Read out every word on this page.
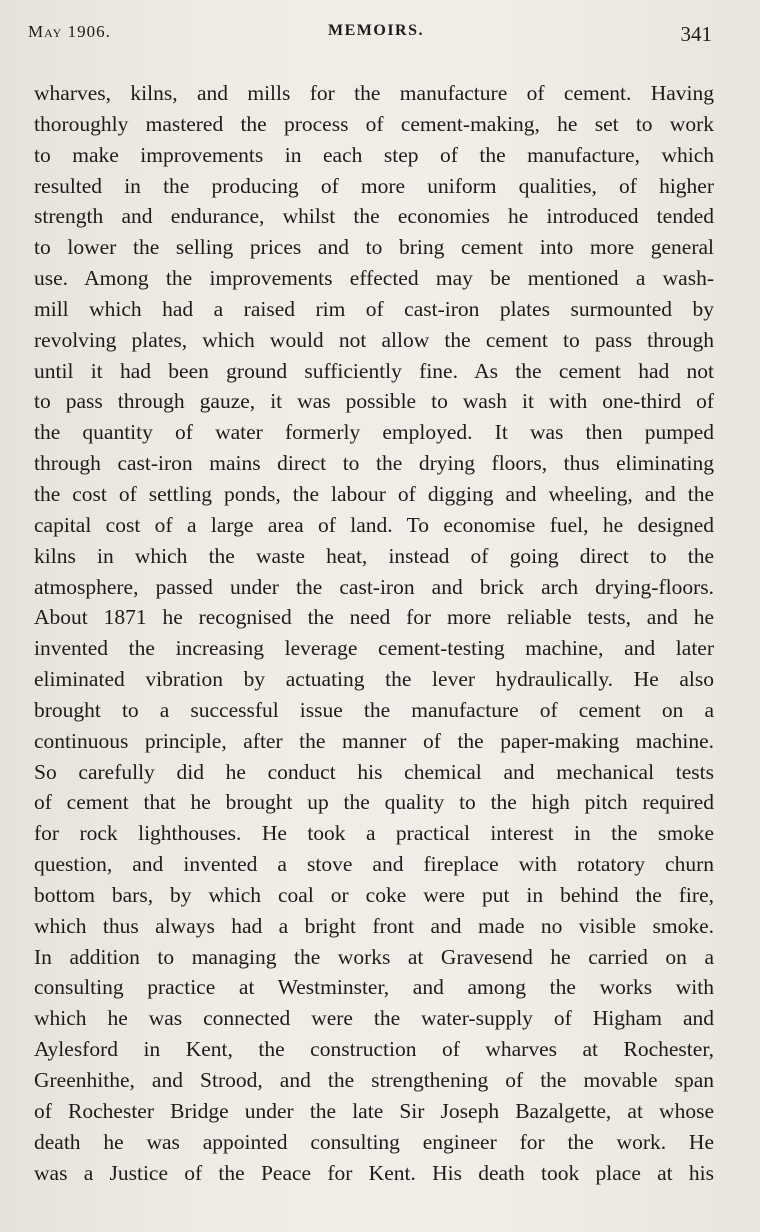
May 1906.	MEMOIRS.	341
wharves, kilns, and mills for the manufacture of cement. Having
thoroughly mastered the process of cement-making, he set to work
to make improvements in each step of the manufacture, which
resulted in the producing of more uniform qualities, of higher
strength and endurance, whilst the economies he introduced tended
to lower the selling prices and to bring cement into more general
use. Among the improvements effected may be mentioned a wash-
mill which had a raised rim of cast-iron plates surmounted by
revolving plates, which would not allow the cement to pass through
until it had been ground sufficiently fine. As the cement had not
to pass through gauze, it was possible to wash it with one-third of
the quantity of water formerly employed. It was then pumped
through cast-iron mains direct to the drying floors, thus eliminating
the cost of settling ponds, the labour of digging and wheeling, and the
capital cost of a large area of land. To economise fuel, he designed
kilns in which the waste heat, instead of going direct to the
atmosphere, passed under the cast-iron and brick arch drying-floors.
About 1871 he recognised the need for more reliable tests, and he
invented the increasing leverage cement-testing machine, and later
eliminated vibration by actuating the lever hydraulically. He also
brought to a successful issue the manufacture of cement on a
continuous principle, after the manner of the paper-making machine.
So carefully did he conduct his chemical and mechanical tests
of cement that he brought up the quality to the high pitch required
for rock lighthouses. He took a practical interest in the smoke
question, and invented a stove and fireplace with rotatory churn
bottom bars, by which coal or coke were put in behind the fire,
which thus always had a bright front and made no visible smoke.
In addition to managing the works at Gravesend he carried on a
consulting practice at Westminster, and among the works with
which he was connected were the water-supply of Higham and
Aylesford in Kent, the construction of wharves at Rochester,
Greenhithe, and Strood, and the strengthening of the movable span
of Rochester Bridge under the late Sir Joseph Bazalgette, at whose
death he was appointed consulting engineer for the work. He
was a Justice of the Peace for Kent. His death took place at his
